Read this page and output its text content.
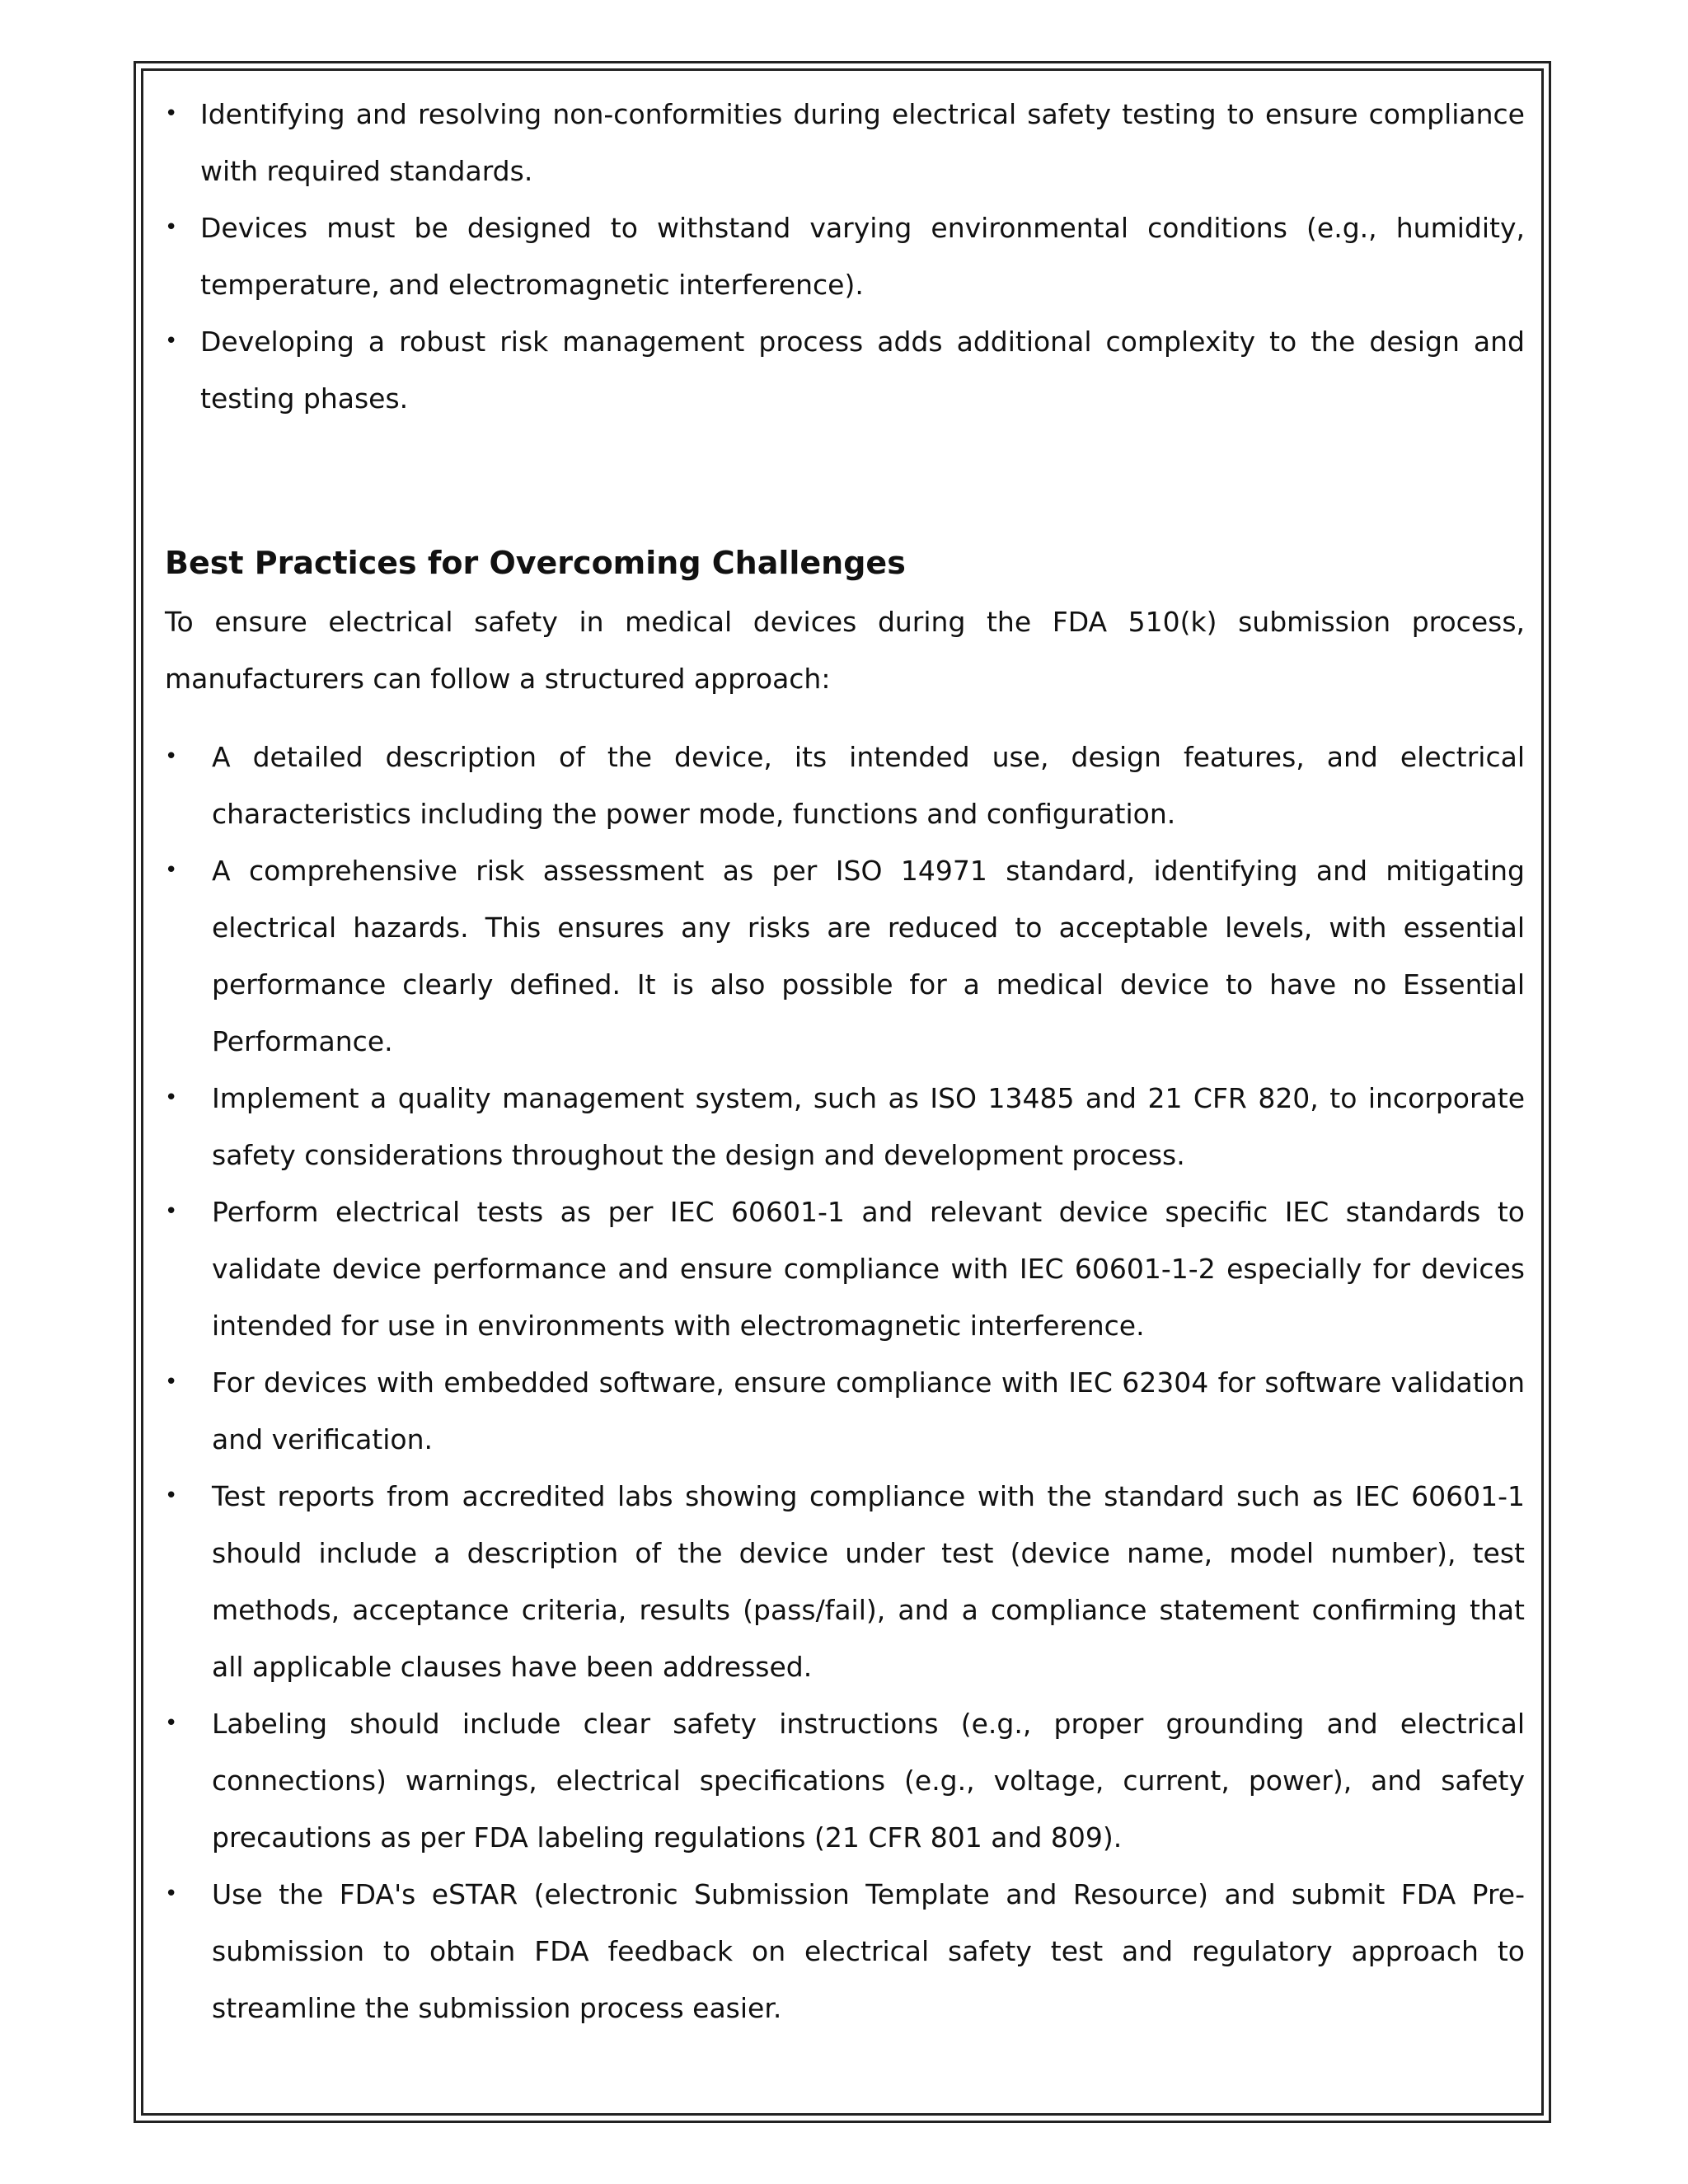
• Identifying and resolving non-conformities during electrical safety testing to ensure compliance with required standards.
• Devices must be designed to withstand varying environmental conditions (e.g., humidity, temperature, and electromagnetic interference).
• Developing a robust risk management process adds additional complexity to the design and testing phases.
Best Practices for Overcoming Challenges

To ensure electrical safety in medical devices during the FDA 510(k) submission process, manufacturers can follow a structured approach:

• A detailed description of the device, its intended use, design features, and electrical characteristics including the power mode, functions and configuration.
• A comprehensive risk assessment as per ISO 14971 standard, identifying and mitigating electrical hazards. This ensures any risks are reduced to acceptable levels, with essential performance clearly defined. It is also possible for a medical device to have no Essential Performance.
• Implement a quality management system, such as ISO 13485 and 21 CFR 820, to incorporate safety considerations throughout the design and development process.
• Perform electrical tests as per IEC 60601-1 and relevant device specific IEC standards to validate device performance and ensure compliance with IEC 60601-1-2 especially for devices intended for use in environments with electromagnetic interference.
• For devices with embedded software, ensure compliance with IEC 62304 for software validation and verification.
• Test reports from accredited labs showing compliance with the standard such as IEC 60601-1 should include a description of the device under test (device name, model number), test methods, acceptance criteria, results (pass/fail), and a compliance statement confirming that all applicable clauses have been addressed.
• Labeling should include clear safety instructions (e.g., proper grounding and electrical connections) warnings, electrical specifications (e.g., voltage, current, power), and safety precautions as per FDA labeling regulations (21 CFR 801 and 809).
• Use the FDA's eSTAR (electronic Submission Template and Resource) and submit FDA Pre-submission to obtain FDA feedback on electrical safety test and regulatory approach to streamline the submission process easier.
